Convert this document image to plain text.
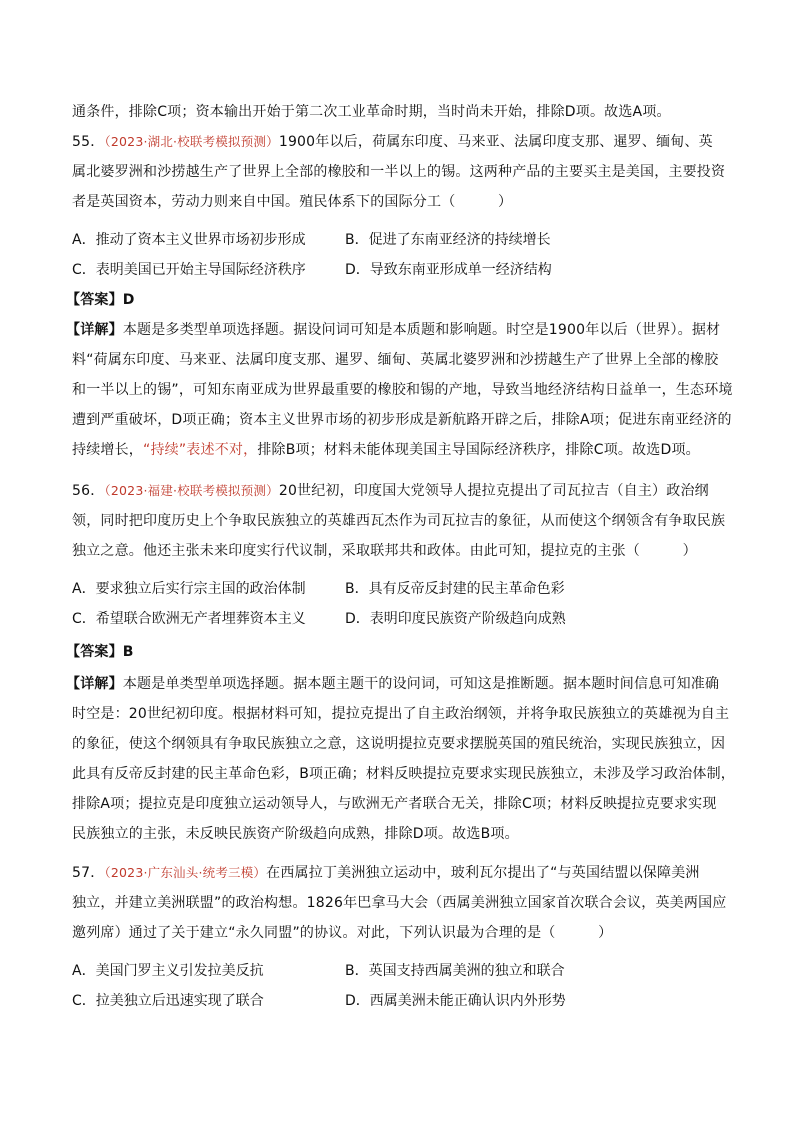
通条件，排除C项；资本输出开始于第二次工业革命时期，当时尚未开始，排除D项。故选A项。
55．（2023·湖北·校联考模拟预测）1900年以后，荷属东印度、马来亚、法属印度支那、暹罗、缅甸、英
属北婆罗洲和沙捞越生产了世界上全部的橡胶和一半以上的锡。这两种产品的主要买主是美国，主要投资
者是英国资本，劳动力则来自中国。殖民体系下的国际分工（　　　）
A．推动了资本主义世界市场初步形成	B．促进了东南亚经济的持续增长
C．表明美国已开始主导国际经济秩序	D．导致东南亚形成单一经济结构
【答案】D
【详解】本题是多类型单项选择题。据设问词可知是本质题和影响题。时空是1900年以后（世界）。据材
料“荷属东印度、马来亚、法属印度支那、暹罗、缅甸、英属北婆罗洲和沙捞越生产了世界上全部的橡胶
和一半以上的锡”，可知东南亚成为世界最重要的橡胶和锡的产地，导致当地经济结构日益单一，生态环境
遭到严重破坏，D项正确；资本主义世界市场的初步形成是新航路开辟之后，排除A项；促进东南亚经济的
持续增长，“持续”表述不对，排除B项；材料未能体现美国主导国际经济秩序，排除C项。故选D项。
56．（2023·福建·校联考模拟预测）20世纪初，印度国大党领导人提拉克提出了司瓦拉吉（自主）政治纲
领，同时把印度历史上个争取民族独立的英雄西瓦杰作为司瓦拉吉的象征，从而使这个纲领含有争取民族
独立之意。他还主张未来印度实行代议制，采取联邦共和政体。由此可知，提拉克的主张（　　　）
A．要求独立后实行宗主国的政治体制	B．具有反帝反封建的民主革命色彩
C．希望联合欧洲无产者埋葬资本主义	D．表明印度民族资产阶级趋向成熟
【答案】B
【详解】本题是单类型单项选择题。据本题主题干的设问词，可知这是推断题。据本题时间信息可知准确
时空是：20世纪初印度。根据材料可知，提拉克提出了自主政治纲领，并将争取民族独立的英雄视为自主
的象征，使这个纲领具有争取民族独立之意，这说明提拉克要求摆脱英国的殖民统治，实现民族独立，因
此具有反帝反封建的民主革命色彩，B项正确；材料反映提拉克要求实现民族独立，未涉及学习政治体制，
排除A项；提拉克是印度独立运动领导人，与欧洲无产者联合无关，排除C项；材料反映提拉克要求实现
民族独立的主张，未反映民族资产阶级趋向成熟，排除D项。故选B项。
57．（2023·广东汕头·统考三模）在西属拉丁美洲独立运动中，玻利瓦尔提出了“与英国结盟以保障美洲
独立，并建立美洲联盟”的政治构想。1826年巴拿马大会（西属美洲独立国家首次联合会议，英美两国应
邀列席）通过了关于建立“永久同盟”的协议。对此，下列认识最为合理的是（　　　）
A．美国门罗主义引发拉美反抗	B．英国支持西属美洲的独立和联合
C．拉美独立后迅速实现了联合	D．西属美洲未能正确认识内外形势
